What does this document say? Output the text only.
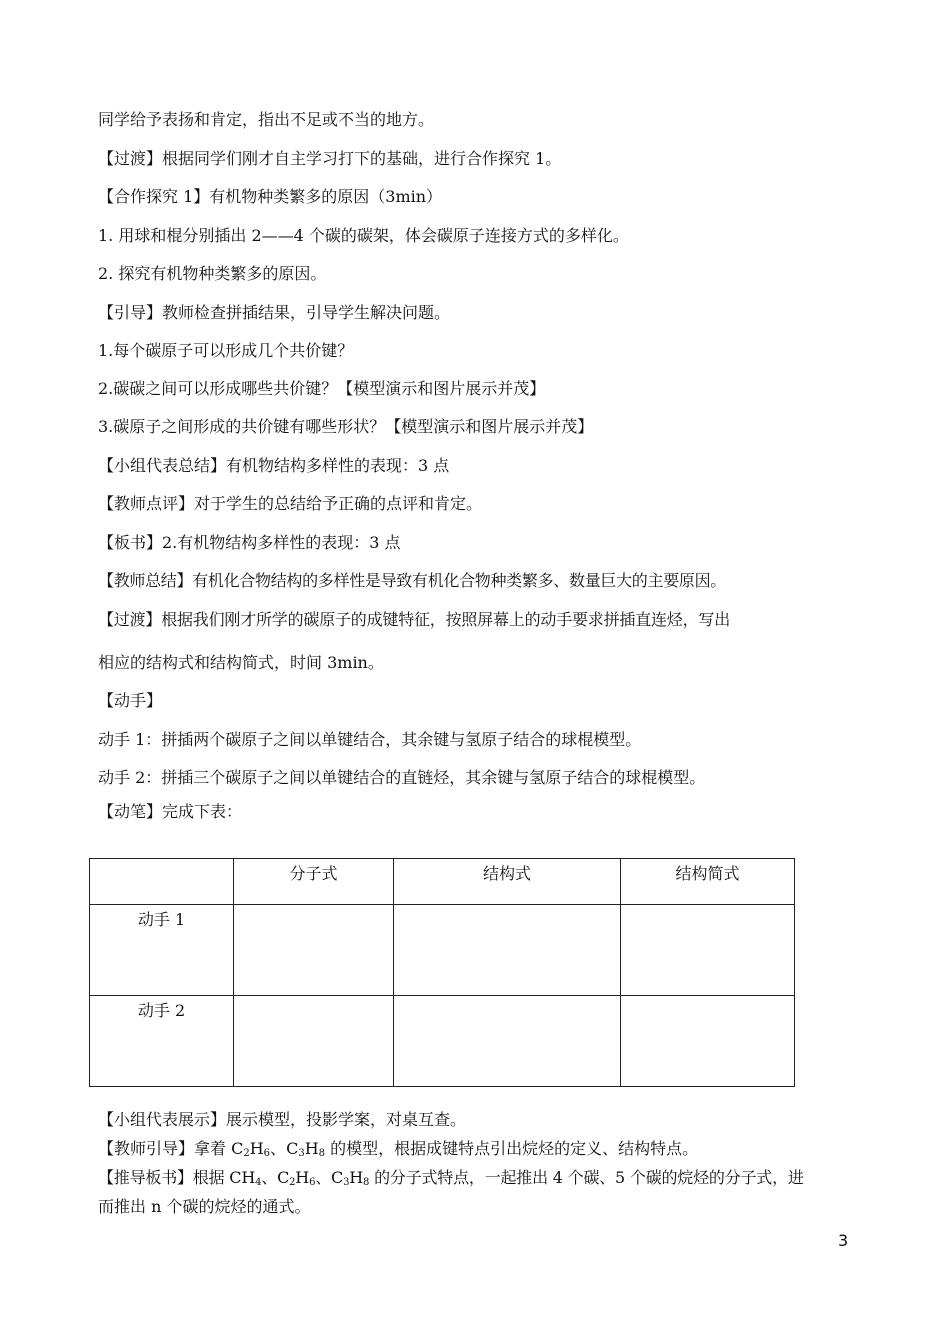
同学给予表扬和肯定，指出不足或不当的地方。
【过渡】根据同学们刚才自主学习打下的基础，进行合作探究 1。
【合作探究 1】有机物种类繁多的原因（3min）
1. 用球和棍分别插出 2——4 个碳的碳架，体会碳原子连接方式的多样化。
2. 探究有机物种类繁多的原因。
【引导】教师检查拼插结果，引导学生解决问题。
1.每个碳原子可以形成几个共价键？
2.碳碳之间可以形成哪些共价键？【模型演示和图片展示并茂】
3.碳原子之间形成的共价键有哪些形状？【模型演示和图片展示并茂】
【小组代表总结】有机物结构多样性的表现：3 点
【教师点评】对于学生的总结给予正确的点评和肯定。
【板书】2.有机物结构多样性的表现：3 点
【教师总结】有机化合物结构的多样性是导致有机化合物种类繁多、数量巨大的主要原因。
【过渡】根据我们刚才所学的碳原子的成键特征，按照屏幕上的动手要求拼插直连烃，写出
相应的结构式和结构简式，时间 3min。
【动手】
动手 1：拼插两个碳原子之间以单键结合，其余键与氢原子结合的球棍模型。
动手 2：拼插三个碳原子之间以单键结合的直链烃，其余键与氢原子结合的球棍模型。
【动笔】完成下表：
	分子式	结构式	结构简式
动手 1			
动手 2			
【小组代表展示】展示模型，投影学案，对桌互查。
【教师引导】拿着 $C_2H_6$、$C_3H_8$ 的模型，根据成键特点引出烷烃的定义、结构特点。
【推导板书】根据 $CH_4$、$C_2H_6$、$C_3H_8$ 的分子式特点，一起推出 4 个碳、5 个碳的烷烃的分子式，进
而推出 n 个碳的烷烃的通式。
3
